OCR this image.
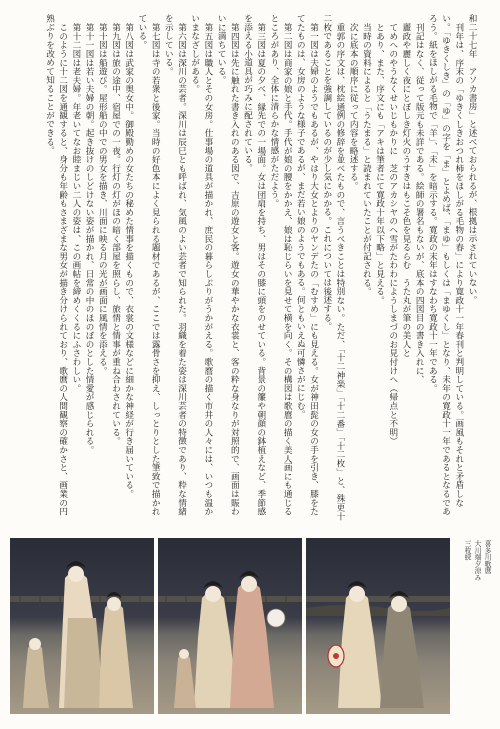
和二十七年　アソカ書房」と述べておられるが、根拠は示されていない。

刊年は、序末の「ゆきくしきおつれ柿をほしがる毛物の春」により寛政十一年春刊と判明している。画風もそれと矛盾しない。「ゆきくしき」の「ゆ」の字を「ま」とよめば、「まゆ」もしくは「まゆくし」となり、未年の寛政十一年であるとなるであろう。紙をほしがる毛物で「羊」、「未」を暗示する。寛政の末年はすなわち寛政十一年である。

刊記はなく、従って版元も未詳である。絵師の署名もないが、底本の四図目の書き入れに、

麗政や麗しく夜にとぼしき灯火のうすきはもこそ色を見るらむ　うた丸が筆の美人と

てめへのやうなくせいじもかりに　芝のアカシヤのへ雪がたわわにようしまづのお見付けへ（帰点と不明）

とあり、また、序文にも「アキは筆者にて寛政十年以下略」と見える。

当時の資料によると「うたまる」と読まれていたことが付記される。

次に底本の順序に従って内容を略述する。

重郭の序文は、枕絵通例の修辞を並べたもので、言うべきことは特別ない。ただ、「十二神楽」「十二番」「十二枚」と、殊更十二枚であることを強調しているのが少し気にかかる。これについては後述する。

第一図は夫婦のようでもあるが、やはり大女とよりのヤンデたの「むすめ」にも見える。女が神田髭の女の手を引き、膝をたてたものは、女房のような様子であるが、まだ若い娘のようでもある。何ともいえぬ可憐さがにじむ。

第二図は商家の娘と手代。手代が娘の腰をかかえ、娘は恥じらいを見せて横を向く。その構図は歌麿の描く美人画にも通じるところがあり、全体に清らかな情感がただよう。

第三図は夏の夕べ、縁先での一場面。女は団扇を持ち、男はその膝に頭をのせている。背景の簾や朝顔の鉢植えなど、季節感を添える小道具が巧みに配されている。

第四図は先に触れた書き入れのある図で、吉原の遊女と客。遊女の華やかな衣裳と、客の粋な身なりが対照的で、画面は賑わいに満ちている。

第五図は職人とその女房。仕事場の道具が描かれ、庶民の暮らしぶりがうかがえる。歌麿の描く市井の人々には、いつも温かいまなざしがある。

第六図は深川の芸者。深川は辰巳とも呼ばれ、気風のよい芸者で知られた。羽織を着た姿は深川芸者の特徴であり、粋な情緒を示している。

第七図は寺の若衆と後家。当時の好色本によく見られる題材であるが、ここでは露骨さを抑え、しっとりとした筆致で描かれている。

第八図は武家の奥女中。御殿勤めの女たちの秘めた情事を描くもので、衣裳の文様などに細かな神経が行き届いている。

第九図は旅の途中、宿屋での一夜。行灯の灯がほの暗く部屋を照らし、旅情と情事が重ね合わされている。

第十図は船遊び。屋形船の中での男女を描き、川面に映る月の光が画面に風情を添える。

第十一図は若い夫婦の朝。起き抜けのしどけない姿が描かれ、日常の中のほのぼのとした情愛が感じられる。

第十二図は老夫婦。年老いてなお睦まじい二人の姿は、この画帖を締めくくるにふさわしい。

このように十二図を通観すると、身分も年齢もさまざまな男女が描き分けられており、歌麿の人間観察の確かさと、画業の円熟ぶりを改めて知ることができる。

喜多川歌麿
大川端夕涼み
三枚続
